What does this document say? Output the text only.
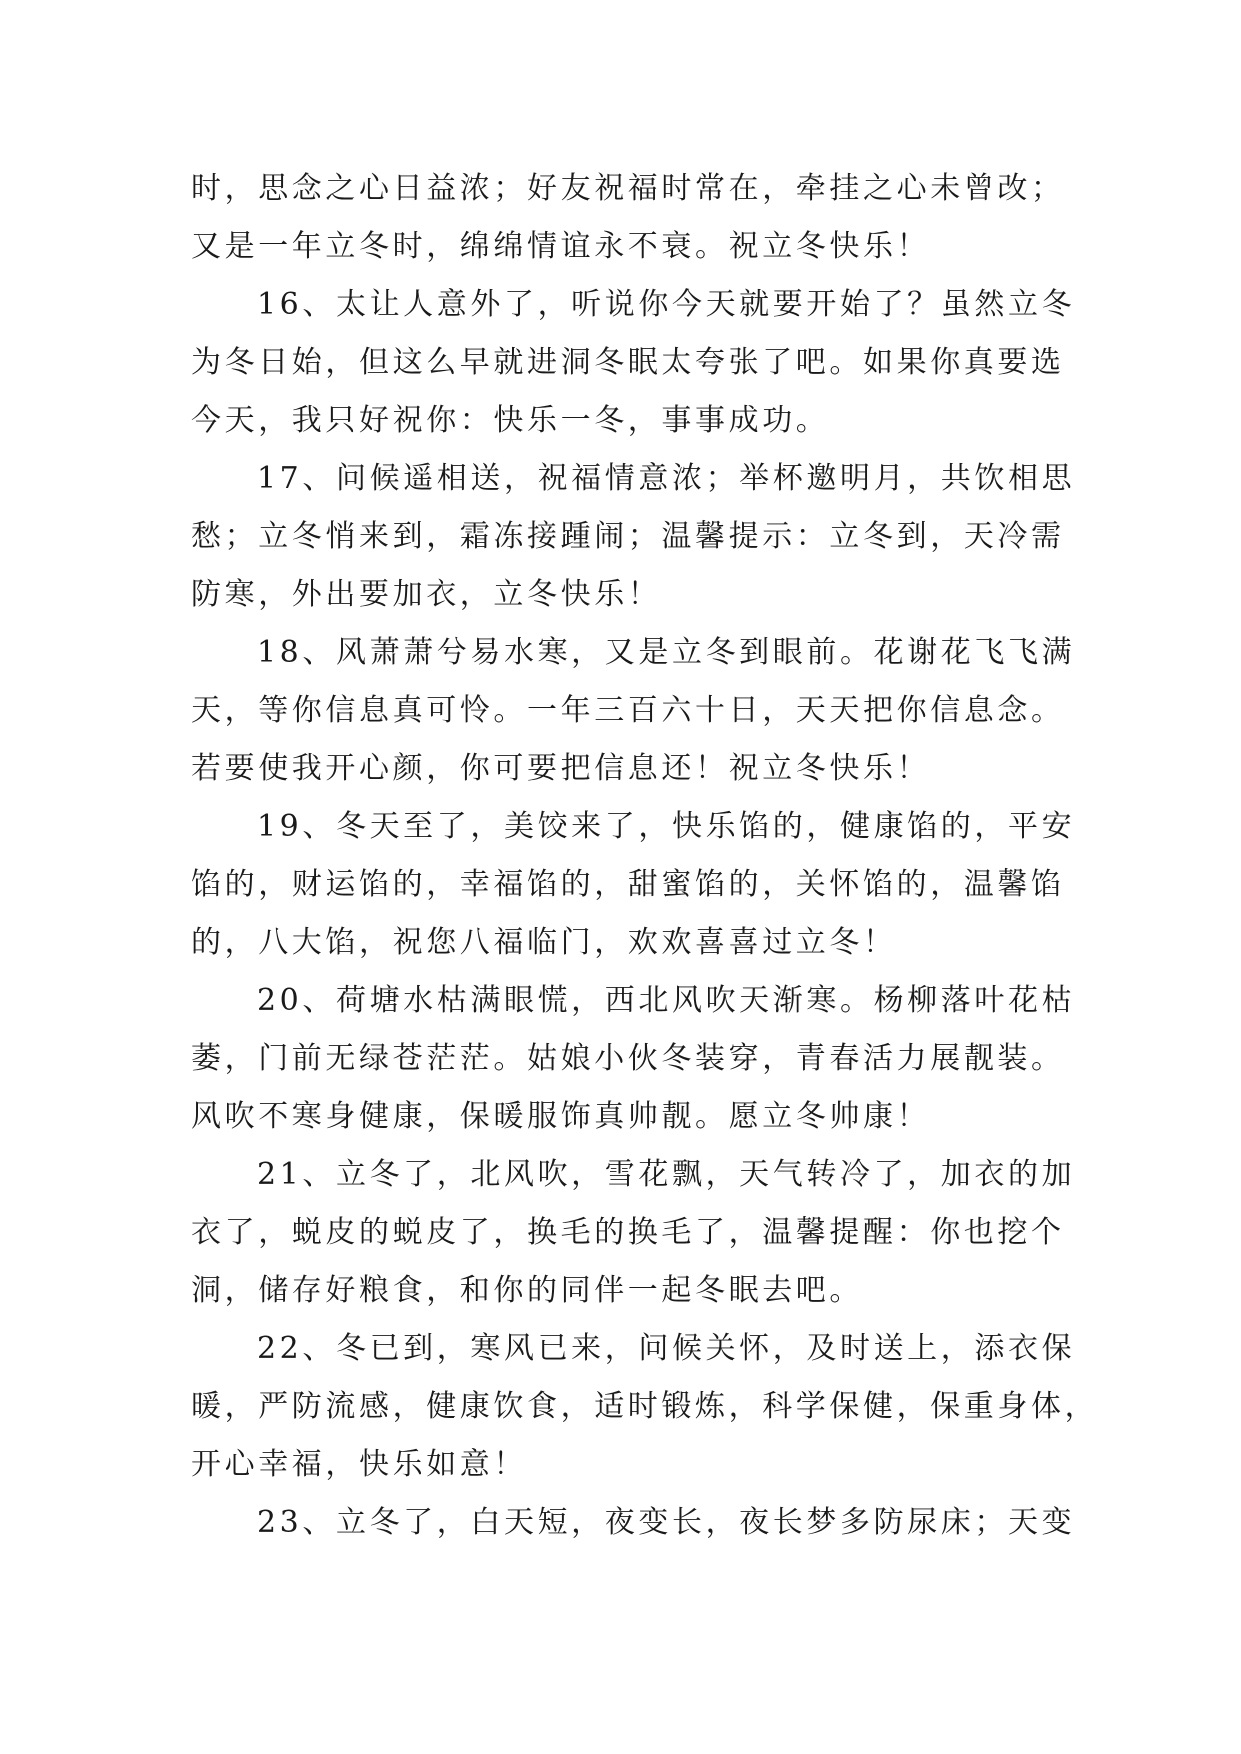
时，思念之心日益浓；好友祝福时常在，牵挂之心未曾改；
又是一年立冬时，绵绵情谊永不衰。祝立冬快乐！
16、太让人意外了，听说你今天就要开始了？虽然立冬
为冬日始，但这么早就进洞冬眠太夸张了吧。如果你真要选
今天，我只好祝你：快乐一冬，事事成功。
17、问候遥相送，祝福情意浓；举杯邀明月，共饮相思
愁；立冬悄来到，霜冻接踵闹；温馨提示：立冬到，天冷需
防寒，外出要加衣，立冬快乐！
18、风萧萧兮易水寒，又是立冬到眼前。花谢花飞飞满
天，等你信息真可怜。一年三百六十日，天天把你信息念。
若要使我开心颜，你可要把信息还！祝立冬快乐！
19、冬天至了，美饺来了，快乐馅的，健康馅的，平安
馅的，财运馅的，幸福馅的，甜蜜馅的，关怀馅的，温馨馅
的，八大馅，祝您八福临门，欢欢喜喜过立冬！
20、荷塘水枯满眼慌，西北风吹天渐寒。杨柳落叶花枯
萎，门前无绿苍茫茫。姑娘小伙冬装穿，青春活力展靓装。
风吹不寒身健康，保暖服饰真帅靓。愿立冬帅康！
21、立冬了，北风吹，雪花飘，天气转冷了，加衣的加
衣了，蜕皮的蜕皮了，换毛的换毛了，温馨提醒：你也挖个
洞，储存好粮食，和你的同伴一起冬眠去吧。
22、冬已到，寒风已来，问候关怀，及时送上，添衣保
暖，严防流感，健康饮食，适时锻炼，科学保健，保重身体，
开心幸福，快乐如意！
23、立冬了，白天短，夜变长，夜长梦多防尿床；天变
